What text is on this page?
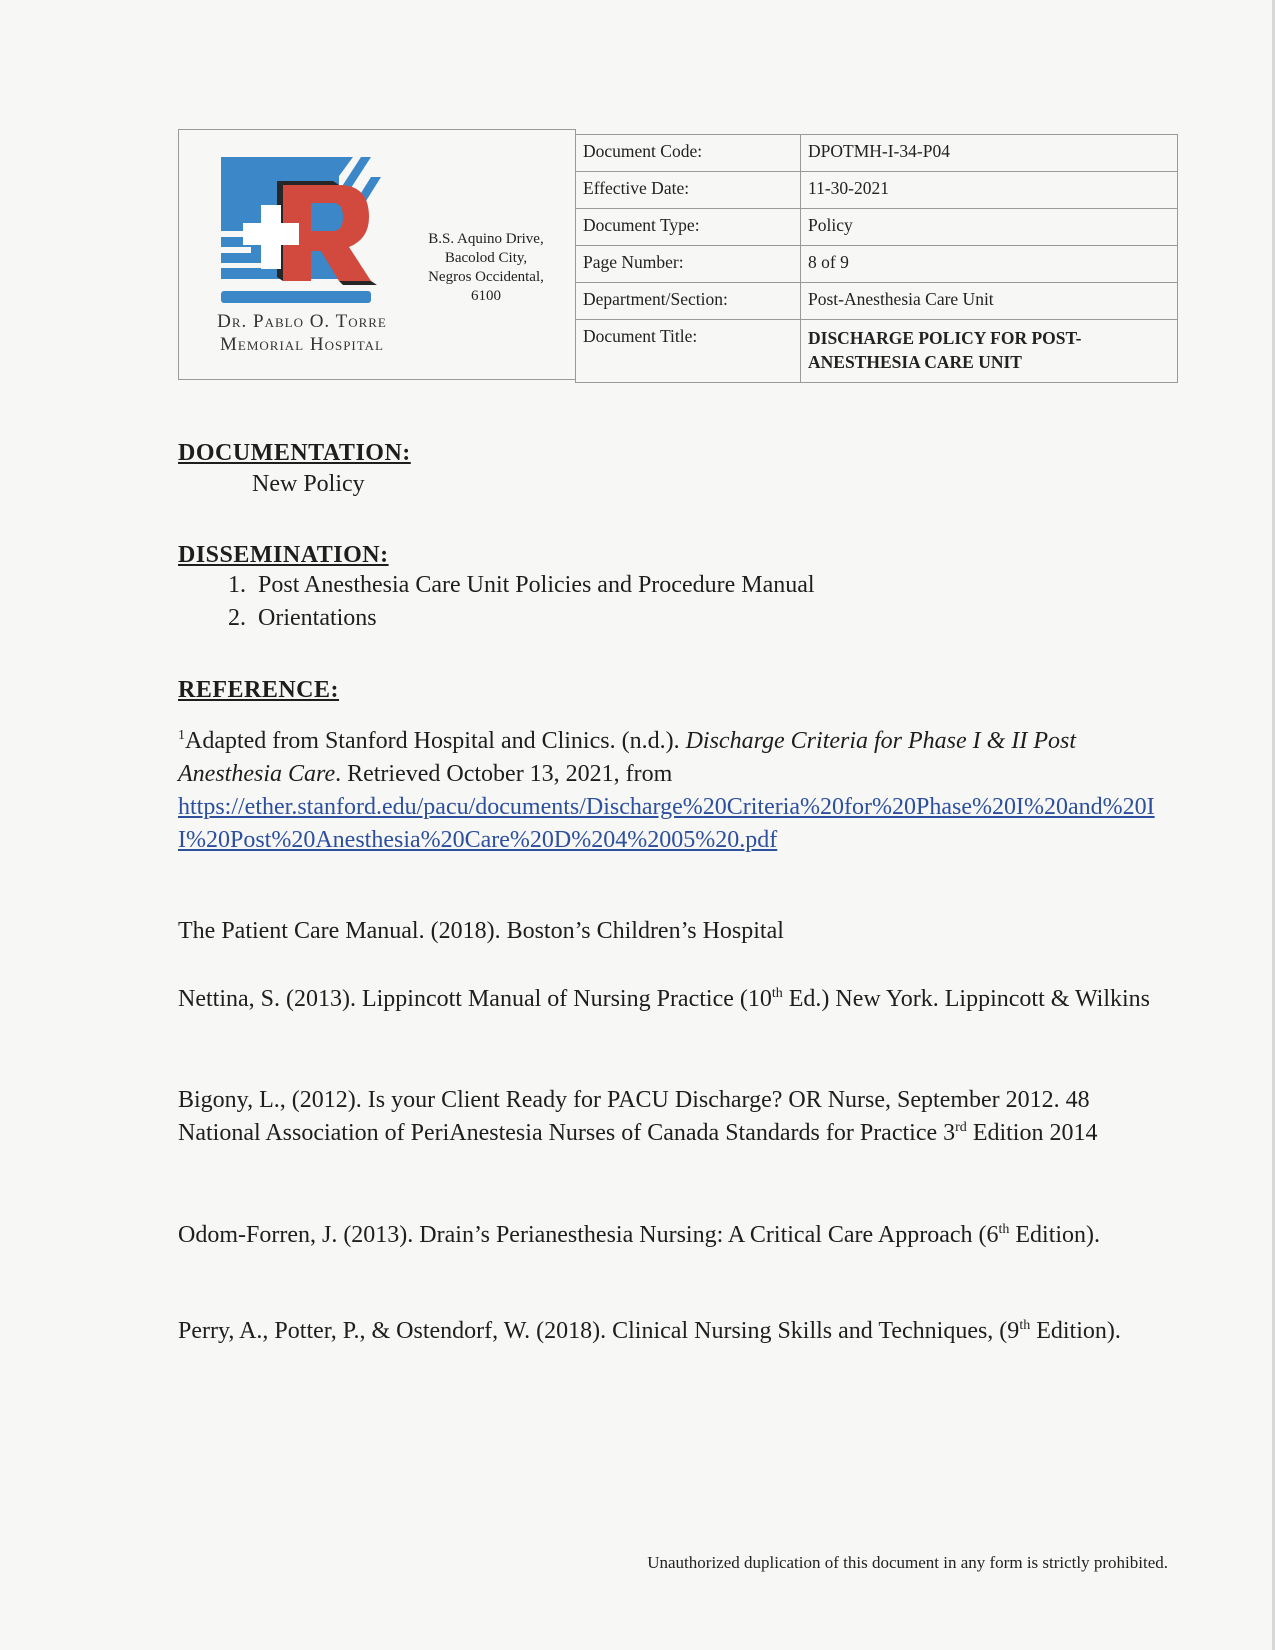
Dr. Pablo O. Torre
Memorial Hospital
B.S. Aquino Drive,
Bacolod City,
Negros Occidental,
6100
Document Code:	DPOTMH-I-34-P04
Effective Date:	11-30-2021
Document Type:	Policy
Page Number:	8 of 9
Department/Section:	Post-Anesthesia Care Unit
Document Title:	DISCHARGE POLICY FOR POST-ANESTHESIA CARE UNIT

DOCUMENTATION:

New Policy

DISSEMINATION:

1. Post Anesthesia Care Unit Policies and Procedure Manual
2. Orientations

REFERENCE:

$^1$Adapted from Stanford Hospital and Clinics. (n.d.). Discharge Criteria for Phase I & II Post Anesthesia Care. Retrieved October 13, 2021, from
https://ether.stanford.edu/pacu/documents/Discharge%20Criteria%20for%20Phase%20I%20and%20II%20Post%20Anesthesia%20Care%20D%204%2005%20.pdf
The Patient Care Manual. (2018). Boston’s Children’s Hospital
Nettina, S. (2013). Lippincott Manual of Nursing Practice (10th Ed.) New York. Lippincott & Wilkins
Bigony, L., (2012). Is your Client Ready for PACU Discharge? OR Nurse, September 2012. 48 National Association of PeriAnestesia Nurses of Canada Standards for Practice 3rd Edition 2014
Odom-Forren, J. (2013). Drain’s Perianesthesia Nursing: A Critical Care Approach (6th Edition).
Perry, A., Potter, P., & Ostendorf, W. (2018). Clinical Nursing Skills and Techniques, (9th Edition).
Unauthorized duplication of this document in any form is strictly prohibited.
